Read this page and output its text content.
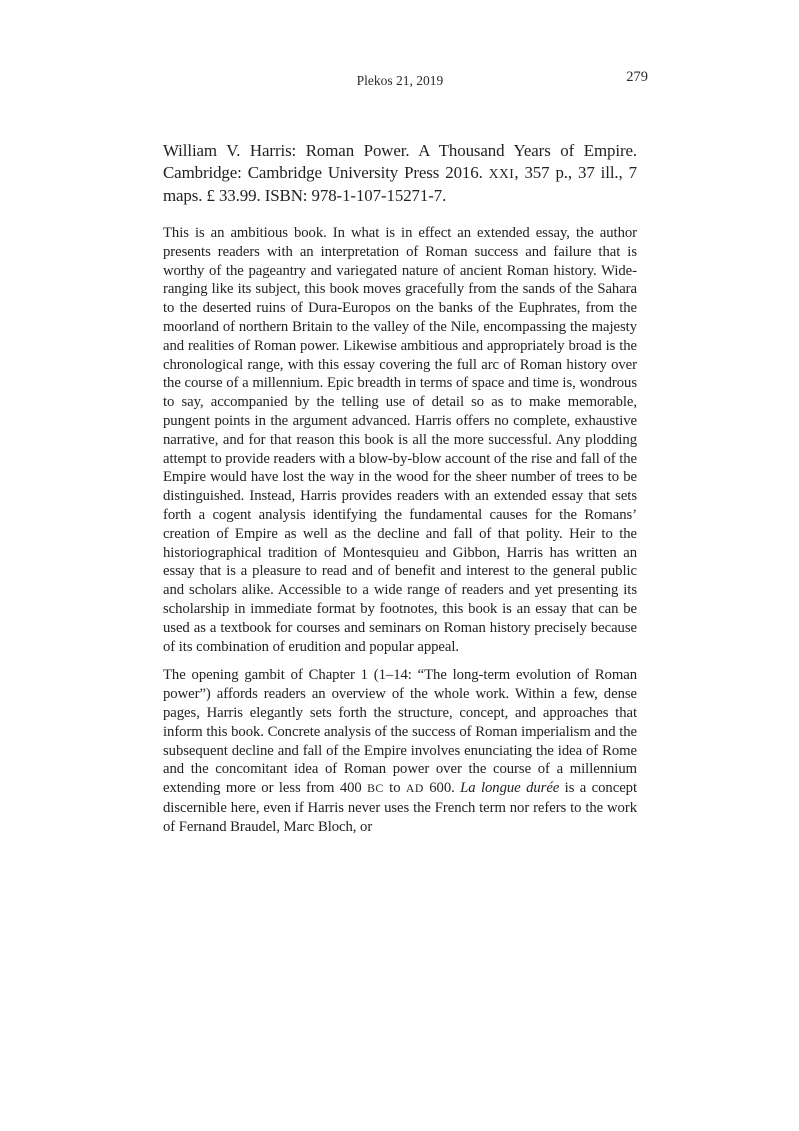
Plekos 21, 2019	279

William V. Harris: Roman Power. A Thousand Years of Empire. Cambridge: Cambridge University Press 2016. XXI, 357 p., 37 ill., 7 maps. £ 33.99. ISBN: 978-1-107-15271-7.

This is an ambitious book. In what is in effect an extended essay, the author presents readers with an interpretation of Roman success and failure that is worthy of the pageantry and variegated nature of ancient Roman history. Wide-ranging like its subject, this book moves gracefully from the sands of the Sahara to the deserted ruins of Dura-Europos on the banks of the Euphrates, from the moorland of northern Britain to the valley of the Nile, encompassing the majesty and realities of Roman power. Likewise ambitious and appropriately broad is the chronological range, with this essay covering the full arc of Roman history over the course of a millennium. Epic breadth in terms of space and time is, wondrous to say, accompanied by the telling use of detail so as to make memorable, pungent points in the argument advanced. Harris offers no complete, exhaustive narrative, and for that reason this book is all the more successful. Any plodding attempt to provide readers with a blow-by-blow account of the rise and fall of the Empire would have lost the way in the wood for the sheer number of trees to be distinguished. Instead, Harris provides readers with an extended essay that sets forth a cogent analysis identifying the fundamental causes for the Romans’ creation of Empire as well as the decline and fall of that polity. Heir to the historiographical tradition of Montesquieu and Gibbon, Harris has written an essay that is a pleasure to read and of benefit and interest to the general public and scholars alike. Accessible to a wide range of readers and yet presenting its scholarship in immediate format by footnotes, this book is an essay that can be used as a textbook for courses and seminars on Roman history precisely because of its combination of erudition and popular appeal.

The opening gambit of Chapter 1 (1–14: “The long-term evolution of Roman power”) affords readers an overview of the whole work. Within a few, dense pages, Harris elegantly sets forth the structure, concept, and approaches that inform this book. Concrete analysis of the success of Roman imperialism and the subsequent decline and fall of the Empire involves enunciating the idea of Rome and the concomitant idea of Roman power over the course of a millennium extending more or less from 400 BC to AD 600. La longue durée is a concept discernible here, even if Harris never uses the French term nor refers to the work of Fernand Braudel, Marc Bloch, or
